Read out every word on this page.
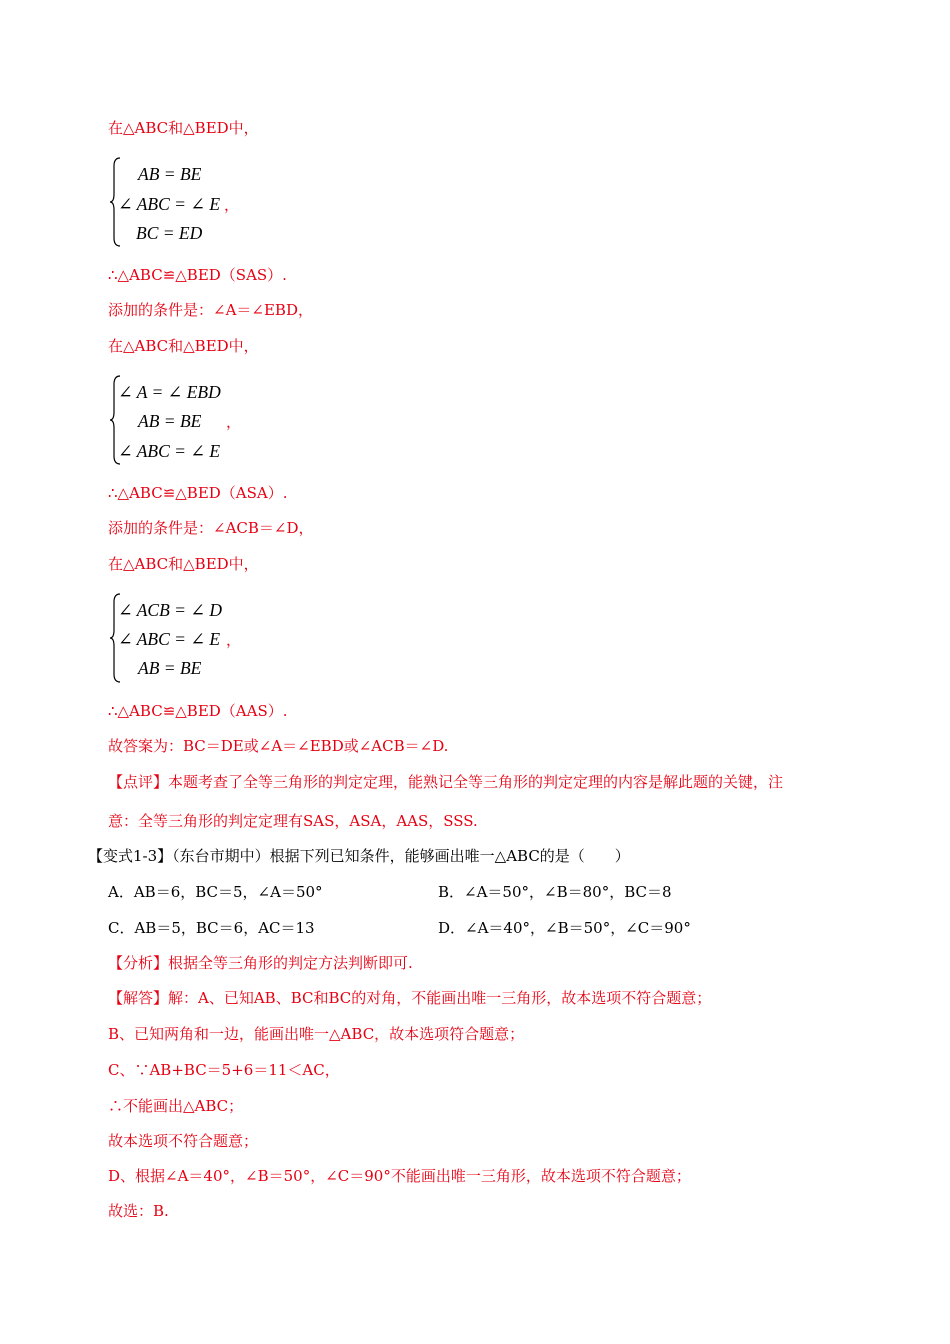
在△ABC和△BED中，
AB = BE
∠ ABC = ∠ E ，
BC = ED
∴△ABC≌△BED（SAS）.
添加的条件是：∠A＝∠EBD，
在△ABC和△BED中，
∠ A = ∠ EBD
AB = BE ，
∠ ABC = ∠ E
∴△ABC≌△BED（ASA）.
添加的条件是：∠ACB＝∠D，
在△ABC和△BED中，
∠ ACB = ∠ D
∠ ABC = ∠ E ，
AB = BE
∴△ABC≌△BED（AAS）.
故答案为：BC＝DE或∠A＝∠EBD或∠ACB＝∠D.
【点评】本题考查了全等三角形的判定定理，能熟记全等三角形的判定定理的内容是解此题的关键，注
意：全等三角形的判定定理有SAS，ASA，AAS，SSS.
【变式1-3】（东台市期中）根据下列已知条件，能够画出唯一△ABC的是（　　）
A．AB＝6，BC＝5，∠A＝50°	B．∠A＝50°，∠B＝80°，BC＝8
C．AB＝5，BC＝6，AC＝13	D．∠A＝40°，∠B＝50°，∠C＝90°
【分析】根据全等三角形的判定方法判断即可.
【解答】解：A、已知AB、BC和BC的对角，不能画出唯一三角形，故本选项不符合题意；
B、已知两角和一边，能画出唯一△ABC，故本选项符合题意；
C、∵AB+BC＝5+6＝11＜AC，
∴不能画出△ABC；
故本选项不符合题意；
D、根据∠A＝40°，∠B＝50°，∠C＝90°不能画出唯一三角形，故本选项不符合题意；
故选：B.
